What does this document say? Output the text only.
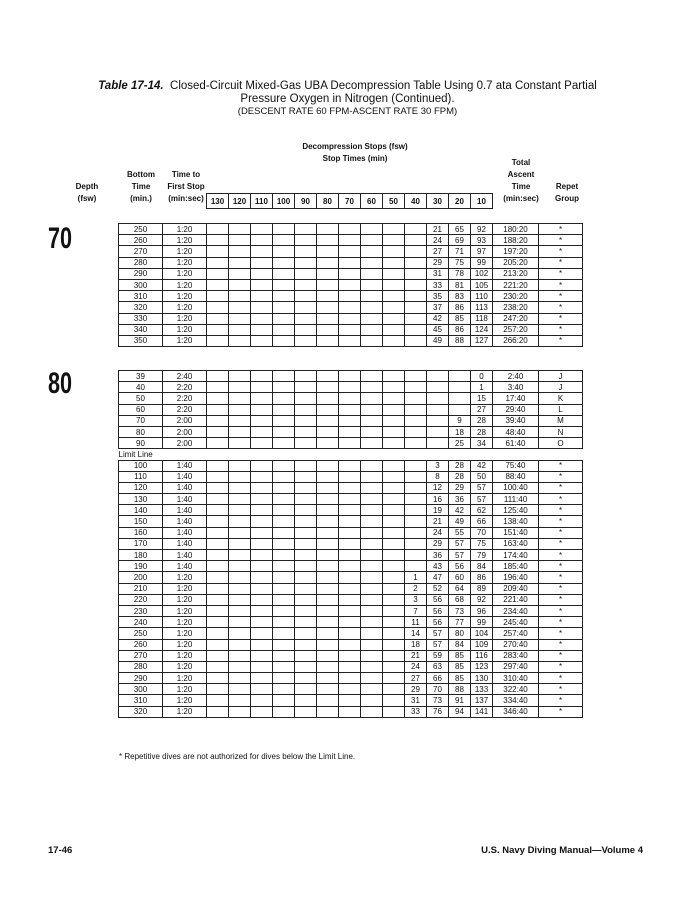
Table 17-14. Closed-Circuit Mixed-Gas UBA Decompression Table Using 0.7 ata Constant Partial
Pressure Oxygen in Nitrogen (Continued).
(DESCENT RATE 60 FPM-ASCENT RATE 30 FPM)
Decompression Stops (fsw)
Stop Times (min)
Depth
(fsw)
Bottom
Time
(min.)
Time to
First Stop
(min:sec)
Total
Ascent
Time
(min:sec)
Repet
Group
130	120	110	100	90	80	70	60	50	40	30	20	10
70	250	1:20											21	65	92	180:20	*
260	1:20											24	69	93	188:20	*
270	1:20											27	71	97	197:20	*
280	1:20											29	75	99	205:20	*
290	1:20											31	78	102	213:20	*
300	1:20											33	81	105	221:20	*
310	1:20											35	83	110	230:20	*
320	1:20											37	86	113	238:20	*
330	1:20											42	85	118	247:20	*
340	1:20											45	86	124	257:20	*
350	1:20											49	88	127	266:20	*
80	39	2:40													0	2:40	J
40	2:20													1	3:40	J
50	2:20													15	17:40	K
60	2:20													27	29:40	L
70	2:00												9	28	39:40	M
80	2:00												18	28	48:40	N
90	2:00												25	34	61:40	O
Limit Line																
100	1:40											3	28	42	75:40	*
110	1:40											8	28	50	88:40	*
120	1:40											12	29	57	100:40	*
130	1:40											16	36	57	111:40	*
140	1:40											19	42	62	125:40	*
150	1:40											21	49	66	138:40	*
160	1:40											24	55	70	151:40	*
170	1:40											29	57	75	163:40	*
180	1:40											36	57	79	174:40	*
190	1:40											43	56	84	185:40	*
200	1:20										1	47	60	86	196:40	*
210	1:20										2	52	64	89	209:40	*
220	1:20										3	56	68	92	221:40	*
230	1:20										7	56	73	96	234:40	*
240	1:20										11	56	77	99	245:40	*
250	1:20										14	57	80	104	257:40	*
260	1:20										18	57	84	109	270:40	*
270	1:20										21	59	85	116	283:40	*
280	1:20										24	63	85	123	297:40	*
290	1:20										27	66	85	130	310:40	*
300	1:20										29	70	88	133	322:40	*
310	1:20										31	73	91	137	334:40	*
320	1:20										33	76	94	141	346:40	*
* Repetitive dives are not authorized for dives below the Limit Line.
17-46	U.S. Navy Diving Manual—Volume 4
